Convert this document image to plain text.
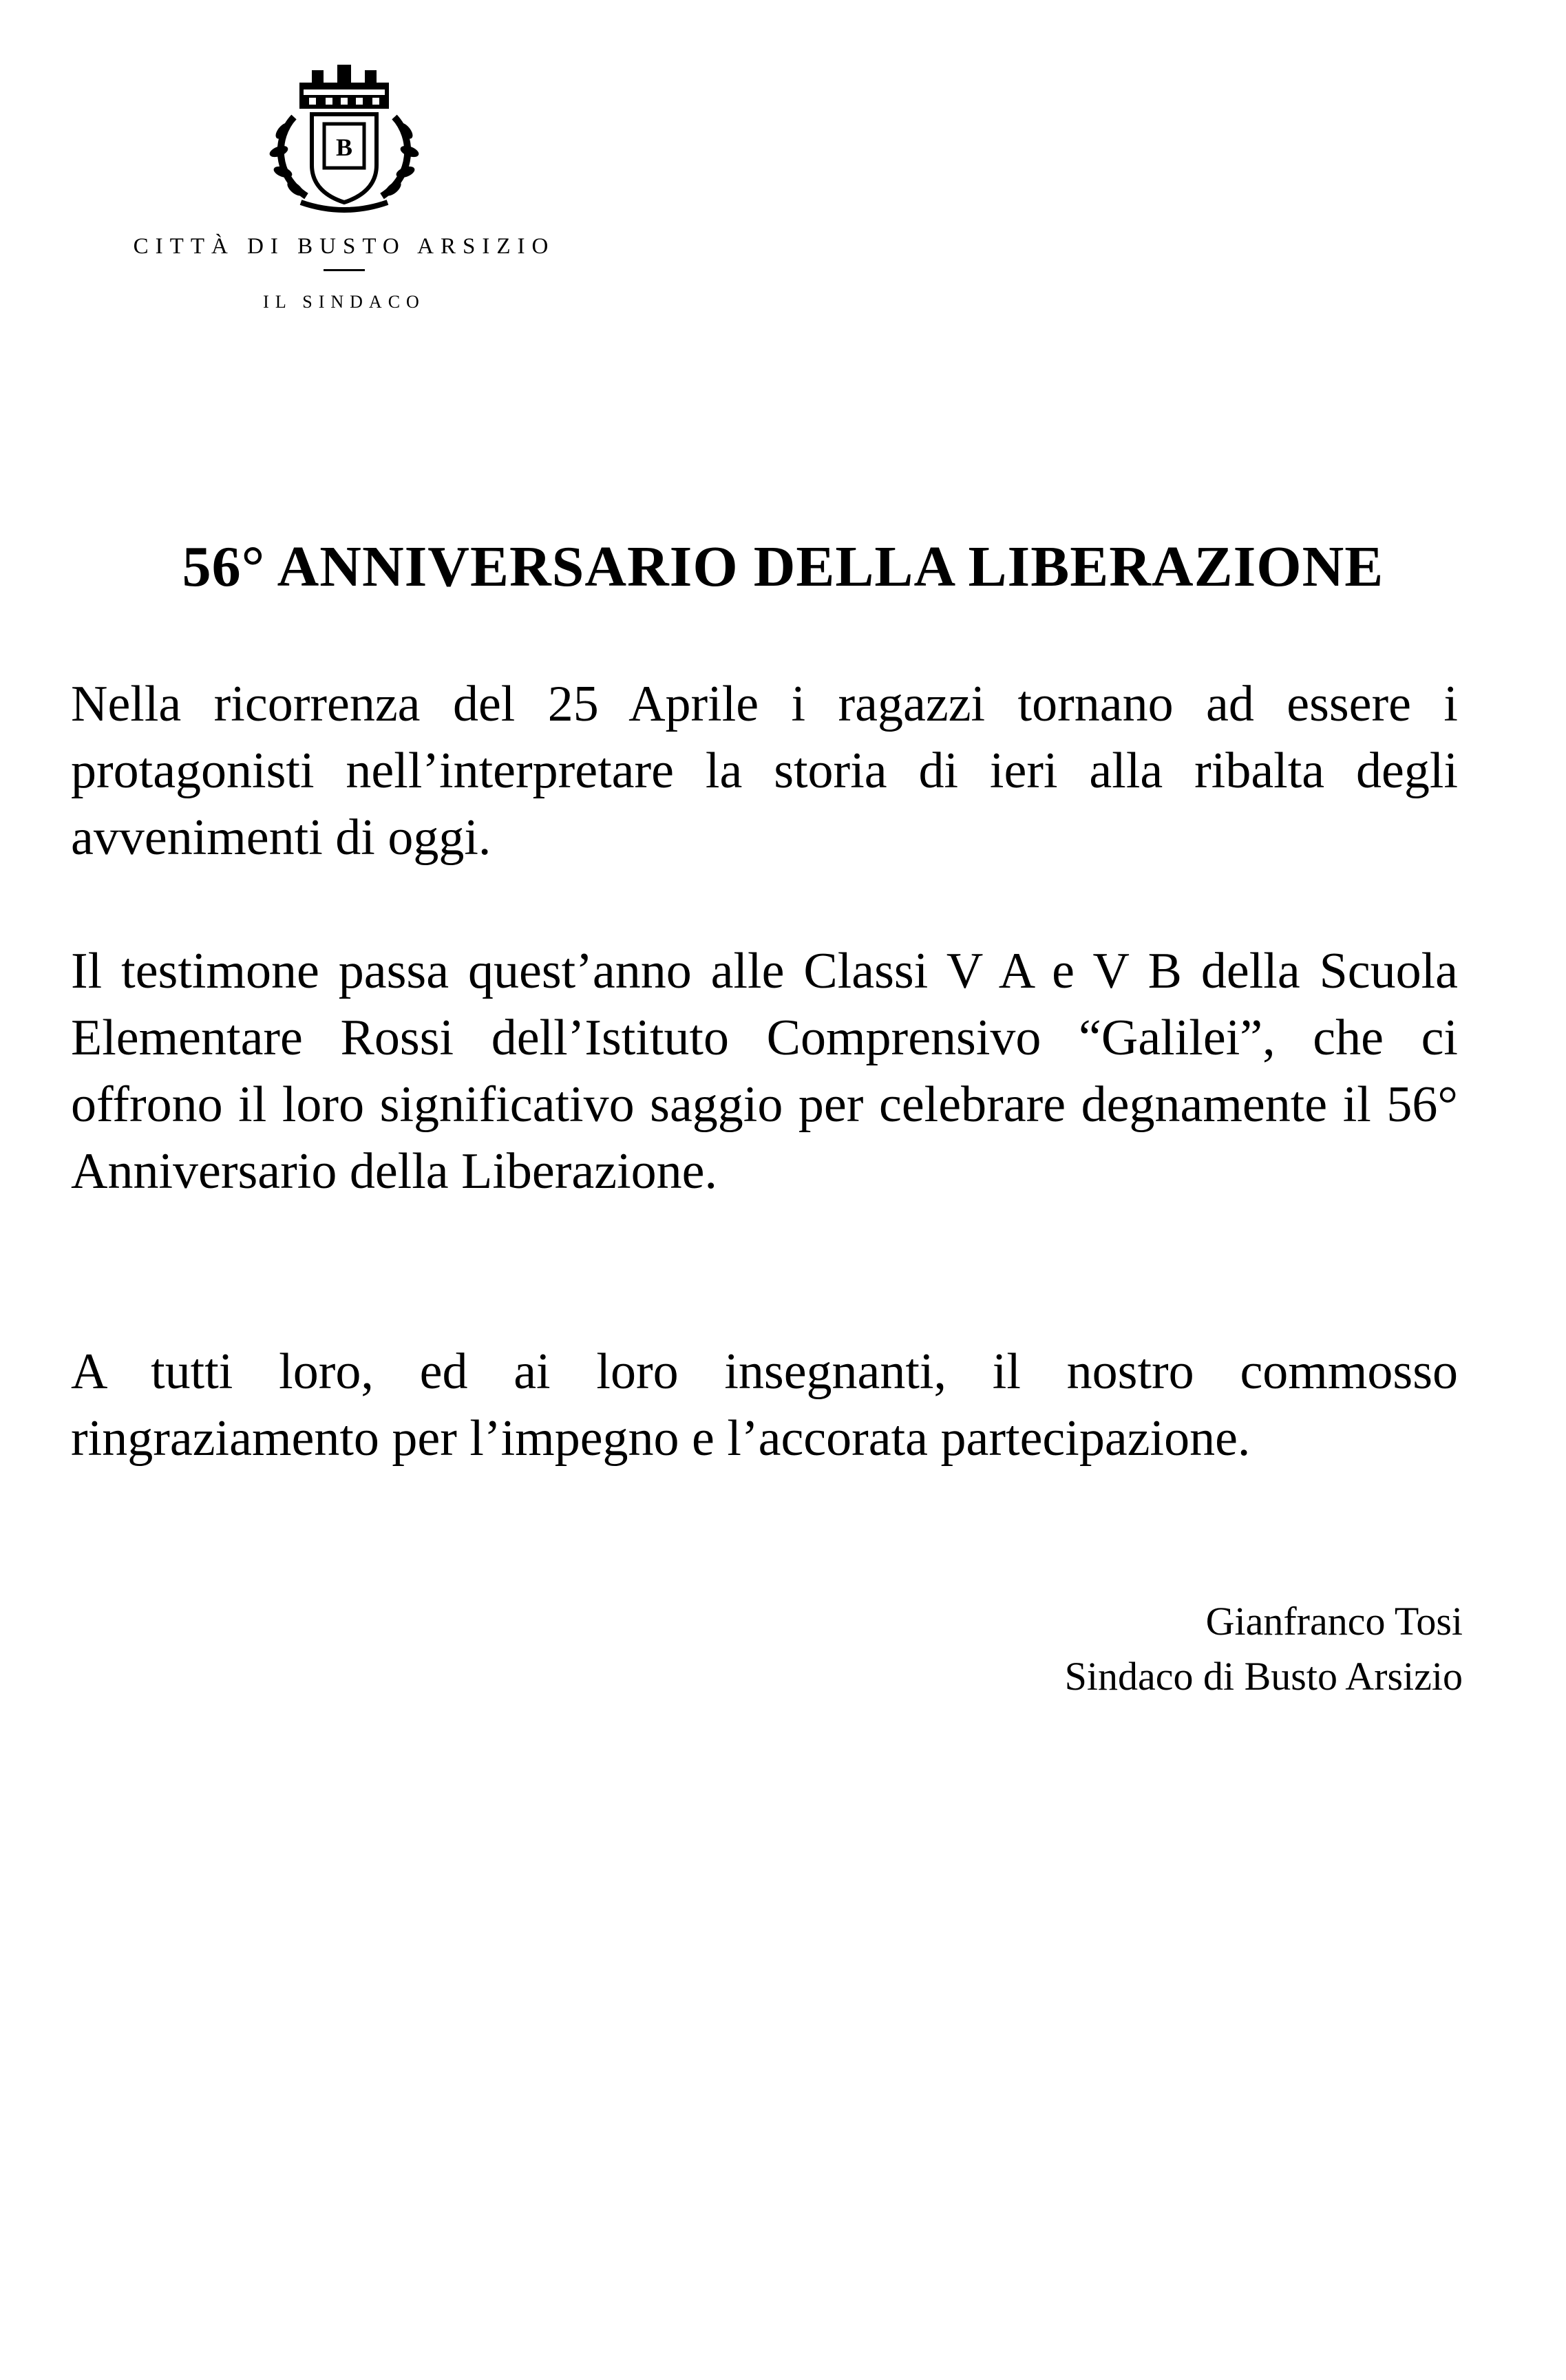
B
CITTÀ DI BUSTO ARSIZIO
IL SINDACO
56° ANNIVERSARIO DELLA LIBERAZIONE

Nella ricorrenza del 25 Aprile i ragazzi tornano ad essere i protagonisti nell’interpretare la storia di ieri alla ribalta degli avvenimenti di oggi.

Il testimone passa quest’anno alle Classi V A e V B della Scuola Elementare Rossi dell’Istituto Comprensivo “Galilei”, che ci offrono il loro significativo saggio per celebrare degnamente il 56° Anniversario della Liberazione.

A tutti loro, ed ai loro insegnanti, il nostro commosso ringraziamento per l’impegno e l’accorata partecipazione.

Gianfranco Tosi
Sindaco di Busto Arsizio
